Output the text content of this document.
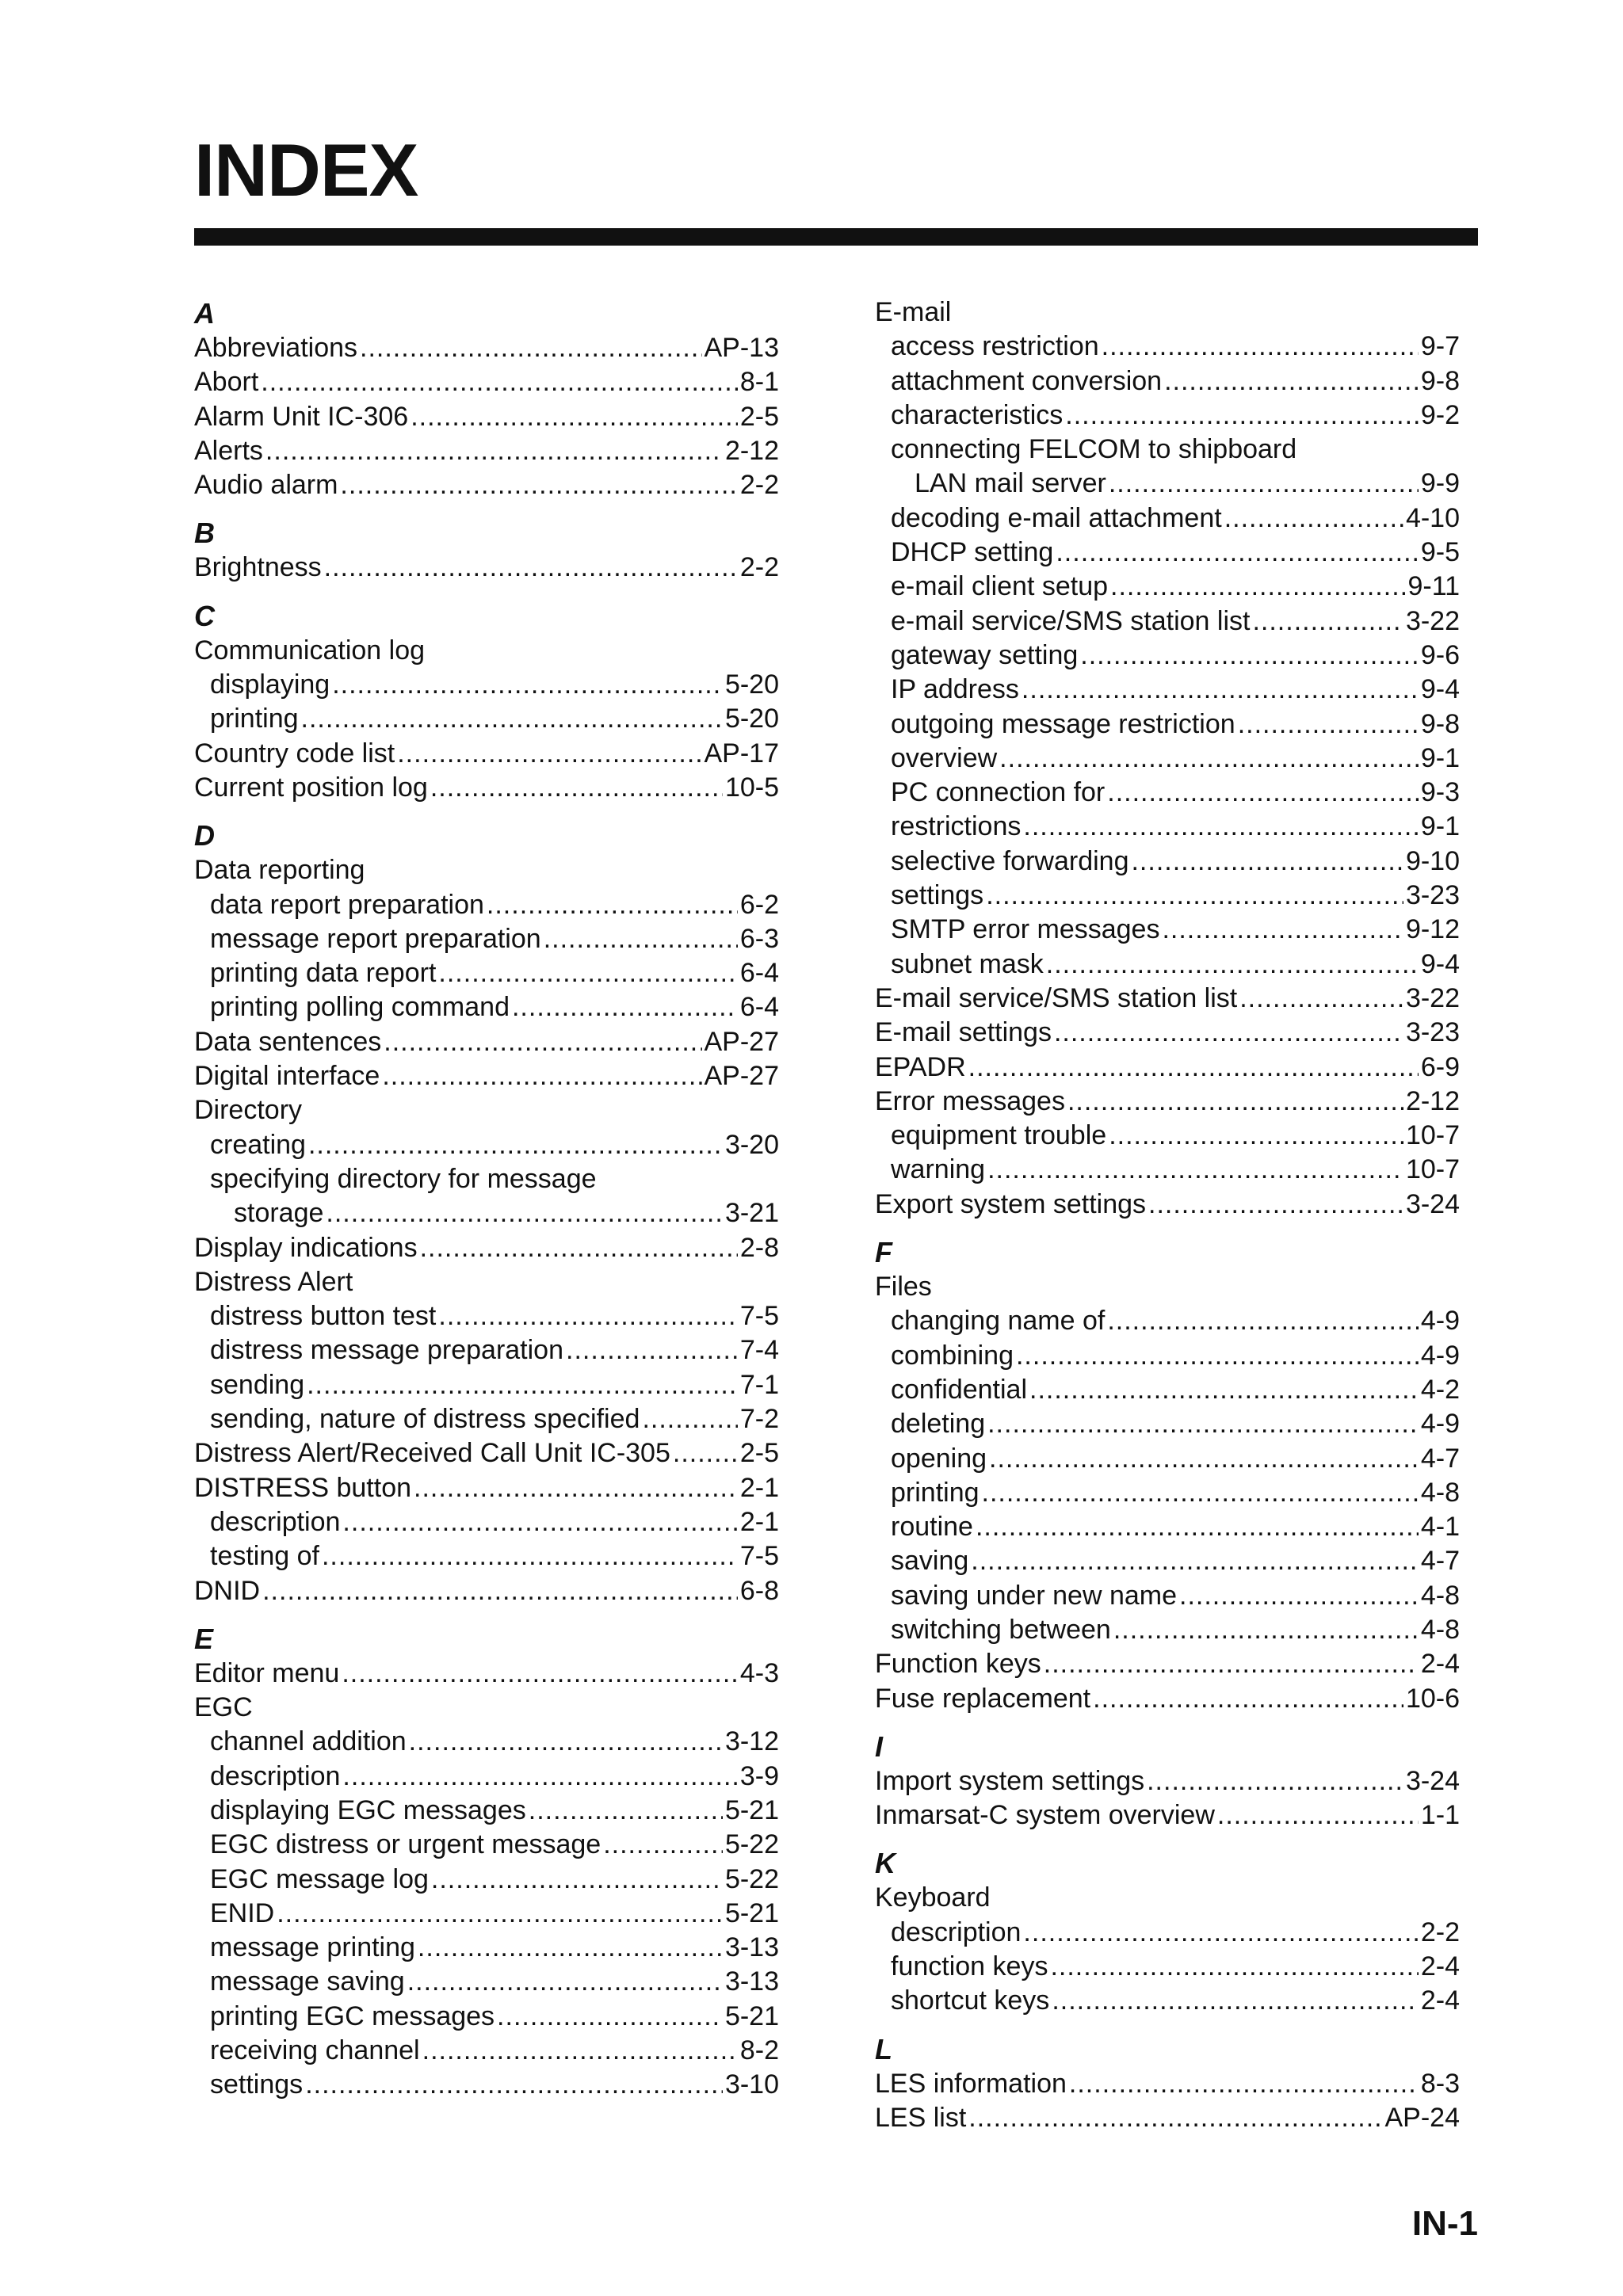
INDEX
A
Abbreviations .....	AP-13
Abort .....	8-1
Alarm Unit IC-306 .....	2-5
Alerts .....	2-12
Audio alarm .....	2-2
B
Brightness .....	2-2
C
Communication log
displaying .....	5-20
printing .....	5-20
Country code list .....	AP-17
Current position log .....	10-5
D
Data reporting
data report preparation .....	6-2
message report preparation .....	6-3
printing data report .....	6-4
printing polling command .....	6-4
Data sentences .....	AP-27
Digital interface .....	AP-27
Directory
creating .....	3-20
specifying directory for message
storage .....	3-21
Display indications .....	2-8
Distress Alert
distress button test .....	7-5
distress message preparation .....	7-4
sending .....	7-1
sending, nature of distress specified .....	7-2
Distress Alert/Received Call Unit IC-305 .....	2-5
DISTRESS button .....	2-1
description .....	2-1
testing of .....	7-5
DNID .....	6-8
E
Editor menu .....	4-3
EGC
channel addition .....	3-12
description .....	3-9
displaying EGC messages .....	5-21
EGC distress or urgent message .....	5-22
EGC message log .....	5-22
ENID .....	5-21
message printing .....	3-13
message saving .....	3-13
printing EGC messages .....	5-21
receiving channel .....	8-2
settings .....	3-10
E-mail
access restriction .....	9-7
attachment conversion .....	9-8
characteristics .....	9-2
connecting FELCOM to shipboard
LAN mail server .....	9-9
decoding e-mail attachment .....	4-10
DHCP setting .....	9-5
e-mail client setup .....	9-11
e-mail service/SMS station list .....	3-22
gateway setting .....	9-6
IP address .....	9-4
outgoing message restriction .....	9-8
overview .....	9-1
PC connection for .....	9-3
restrictions .....	9-1
selective forwarding .....	9-10
settings .....	3-23
SMTP error messages .....	9-12
subnet mask .....	9-4
E-mail service/SMS station list .....	3-22
E-mail settings .....	3-23
EPADR .....	6-9
Error messages .....	2-12
equipment trouble .....	10-7
warning .....	10-7
Export system settings .....	3-24
F
Files
changing name of .....	4-9
combining .....	4-9
confidential .....	4-2
deleting .....	4-9
opening .....	4-7
printing .....	4-8
routine .....	4-1
saving .....	4-7
saving under new name .....	4-8
switching between .....	4-8
Function keys .....	2-4
Fuse replacement .....	10-6
I
Import system settings .....	3-24
Inmarsat-C system overview .....	1-1
K
Keyboard
description .....	2-2
function keys .....	2-4
shortcut keys .....	2-4
L
LES information .....	8-3
LES list .....	AP-24
IN-1
